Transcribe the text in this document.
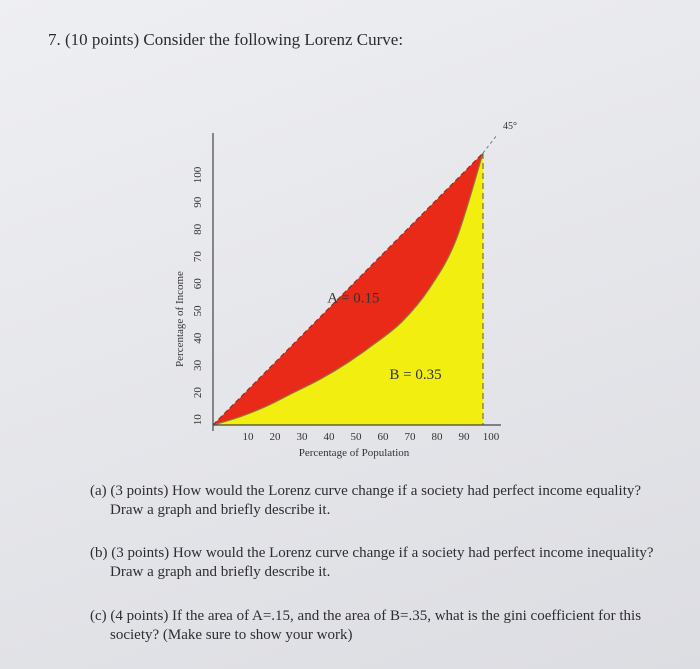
7. (10 points) Consider the following Lorenz Curve:
10 20 30 40 50 60 70 80 90 100
10
20
30
40
50
60
70
80
90
100
Percentage of Population
Percentage of Income
45°
A = 0.15
B = 0.35
(a) (3 points) How would the Lorenz curve change if a society had perfect income equality? Draw a graph and briefly describe it.
(b) (3 points) How would the Lorenz curve change if a society had perfect income inequality? Draw a graph and briefly describe it.
(c) (4 points) If the area of A=.15, and the area of B=.35, what is the gini coefficient for this society? (Make sure to show your work)
